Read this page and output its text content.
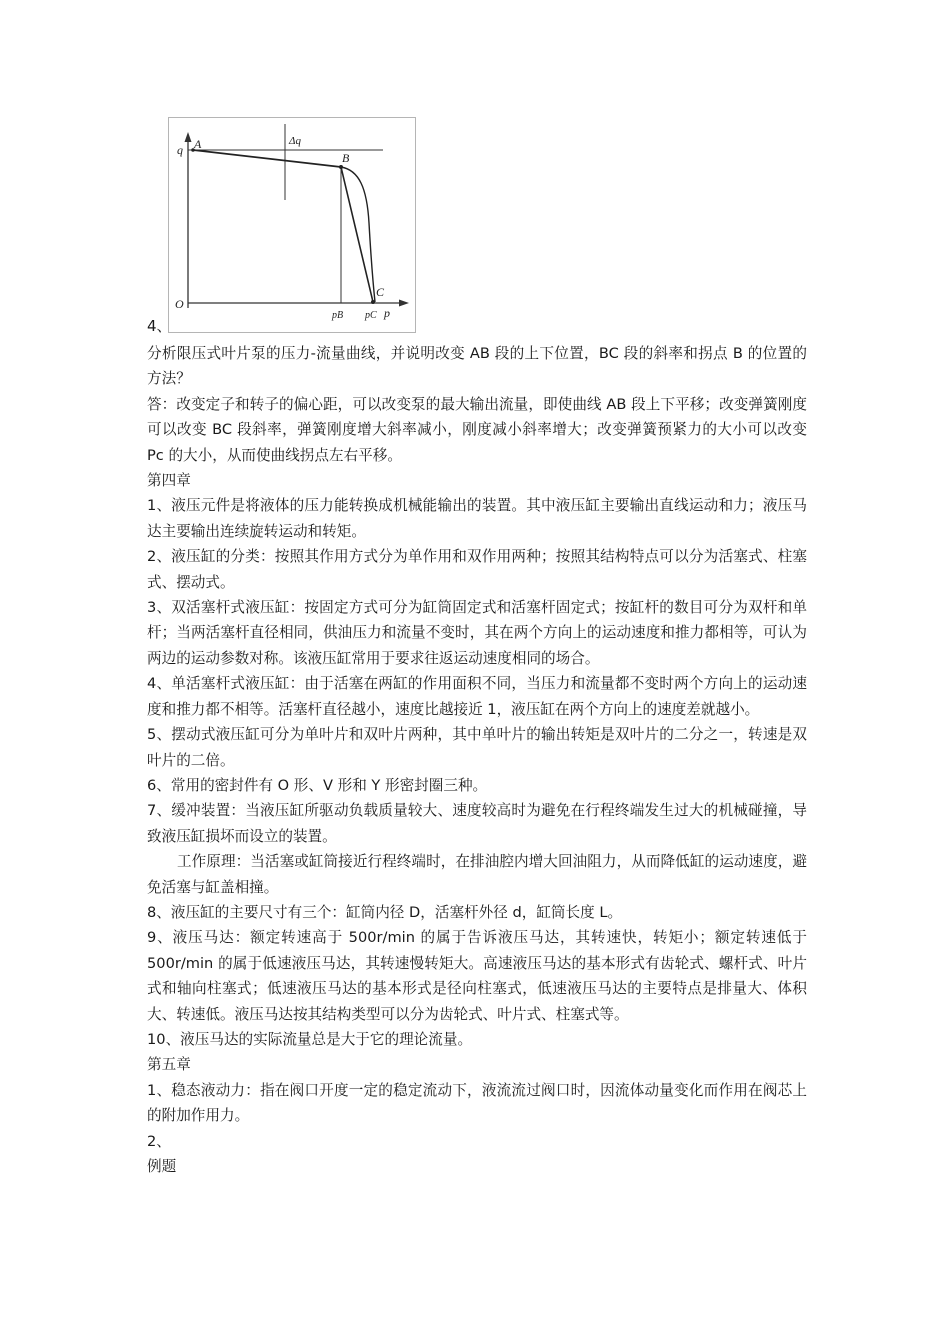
q A	Δq
B
O
C
pB pC p
4、

分析限压式叶片泵的压力-流量曲线，并说明改变 AB 段的上下位置，BC 段的斜率和拐点 B 的位置的方法？

答：改变定子和转子的偏心距，可以改变泵的最大输出流量，即使曲线 AB 段上下平移；改变弹簧刚度可以改变 BC 段斜率，弹簧刚度增大斜率减小，刚度减小斜率增大；改变弹簧预紧力的大小可以改变 Pc 的大小，从而使曲线拐点左右平移。

第四章

1、液压元件是将液体的压力能转换成机械能输出的装置。其中液压缸主要输出直线运动和力；液压马达主要输出连续旋转运动和转矩。

2、液压缸的分类：按照其作用方式分为单作用和双作用两种；按照其结构特点可以分为活塞式、柱塞式、摆动式。

3、双活塞杆式液压缸：按固定方式可分为缸筒固定式和活塞杆固定式；按缸杆的数目可分为双杆和单杆；当两活塞杆直径相同，供油压力和流量不变时，其在两个方向上的运动速度和推力都相等，可认为两边的运动参数对称。该液压缸常用于要求往返运动速度相同的场合。

4、单活塞杆式液压缸：由于活塞在两缸的作用面积不同，当压力和流量都不变时两个方向上的运动速度和推力都不相等。活塞杆直径越小，速度比越接近 1，液压缸在两个方向上的速度差就越小。

5、摆动式液压缸可分为单叶片和双叶片两种，其中单叶片的输出转矩是双叶片的二分之一，转速是双叶片的二倍。

6、常用的密封件有 O 形、V 形和 Y 形密封圈三种。

7、缓冲装置：当液压缸所驱动负载质量较大、速度较高时为避免在行程终端发生过大的机械碰撞，导致液压缸损坏而设立的装置。

工作原理：当活塞或缸筒接近行程终端时，在排油腔内增大回油阻力，从而降低缸的运动速度，避免活塞与缸盖相撞。

8、液压缸的主要尺寸有三个：缸筒内径 D，活塞杆外径 d，缸筒长度 L。

9、液压马达：额定转速高于 500r/min 的属于告诉液压马达，其转速快，转矩小；额定转速低于 500r/min 的属于低速液压马达，其转速慢转矩大。高速液压马达的基本形式有齿轮式、螺杆式、叶片式和轴向柱塞式；低速液压马达的基本形式是径向柱塞式，低速液压马达的主要特点是排量大、体积大、转速低。液压马达按其结构类型可以分为齿轮式、叶片式、柱塞式等。

10、液压马达的实际流量总是大于它的理论流量。

第五章

1、稳态液动力：指在阀口开度一定的稳定流动下，液流流过阀口时，因流体动量变化而作用在阀芯上的附加作用力。

2、

例题
